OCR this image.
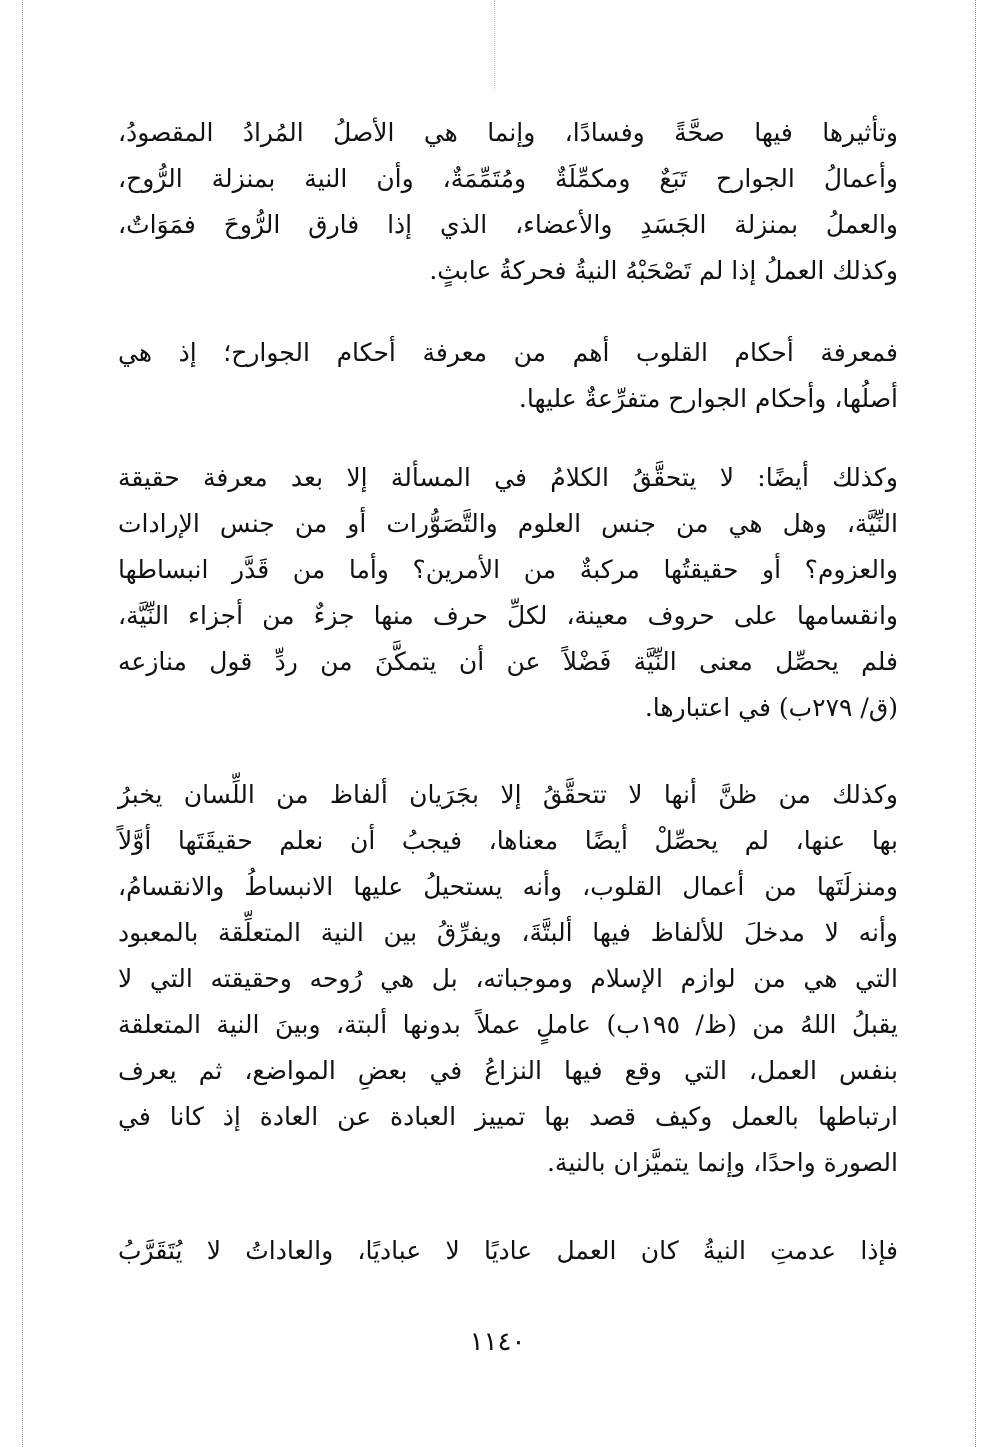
وتأثيرها فيها صحَّةً وفسادًا، وإنما هي الأصلُ المُرادُ المقصودُ،
وأعمالُ الجوارح تَبَعٌ ومكمِّلَةٌ ومُتَمِّمَةٌ، وأن النية بمنزلة الرُّوح،
والعملُ بمنزلة الجَسَدِ والأعضاء، الذي إذا فارق الرُّوحَ فمَوَاتٌ،
وكذلك العملُ إذا لم تَصْحَبْهُ النيةُ فحركةُ عابثٍ.
فمعرفة أحكام القلوب أهم من معرفة أحكام الجوارح؛ إذ هي
أصلُها، وأحكام الجوارح متفرِّعةٌ عليها.
وكذلك أيضًا: لا يتحقَّقُ الكلامُ في المسألة إلا بعد معرفة حقيقة
النِّيَّة، وهل هي من جنس العلوم والتَّصَوُّرات أو من جنس الإرادات
والعزوم؟ أو حقيقتُها مركبةٌ من الأمرين؟ وأما من قَدَّر انبساطها
وانقسامها على حروف معينة، لكلِّ حرف منها جزءٌ من أجزاء النِّيَّة،
فلم يحصِّل معنى النِّيَّة فَضْلاً عن أن يتمكَّنَ من ردِّ قول منازعه
(ق/ ٢٧٩ب) في اعتبارها.
وكذلك من ظنَّ أنها لا تتحقَّقُ إلا بجَرَيان ألفاظ من اللِّسان يخبرُ
بها عنها، لم يحصِّلْ أيضًا معناها، فيجبُ أن نعلم حقيقَتَها أوَّلاً
ومنزلَتَها من أعمال القلوب، وأنه يستحيلُ عليها الانبساطُ والانقسامُ،
وأنه لا مدخلَ للألفاظ فيها ألبتَّةَ، ويفرِّقُ بين النية المتعلِّقة بالمعبود
التي هي من لوازم الإسلام وموجباته، بل هي رُوحه وحقيقته التي لا
يقبلُ اللهُ من (ظ/ ١٩٥ب) عاملٍ عملاً بدونها ألبتة، وبينَ النية المتعلقة
بنفس العمل، التي وقع فيها النزاعُ في بعضِ المواضع، ثم يعرف
ارتباطها بالعمل وكيف قصد بها تمييز العبادة عن العادة إذ كانا في
الصورة واحدًا، وإنما يتميَّزان بالنية.
فإذا عدمتِ النيةُ كان العمل عاديًا لا عباديًا، والعاداتُ لا يُتَقَرَّبُ
١١٤٠
